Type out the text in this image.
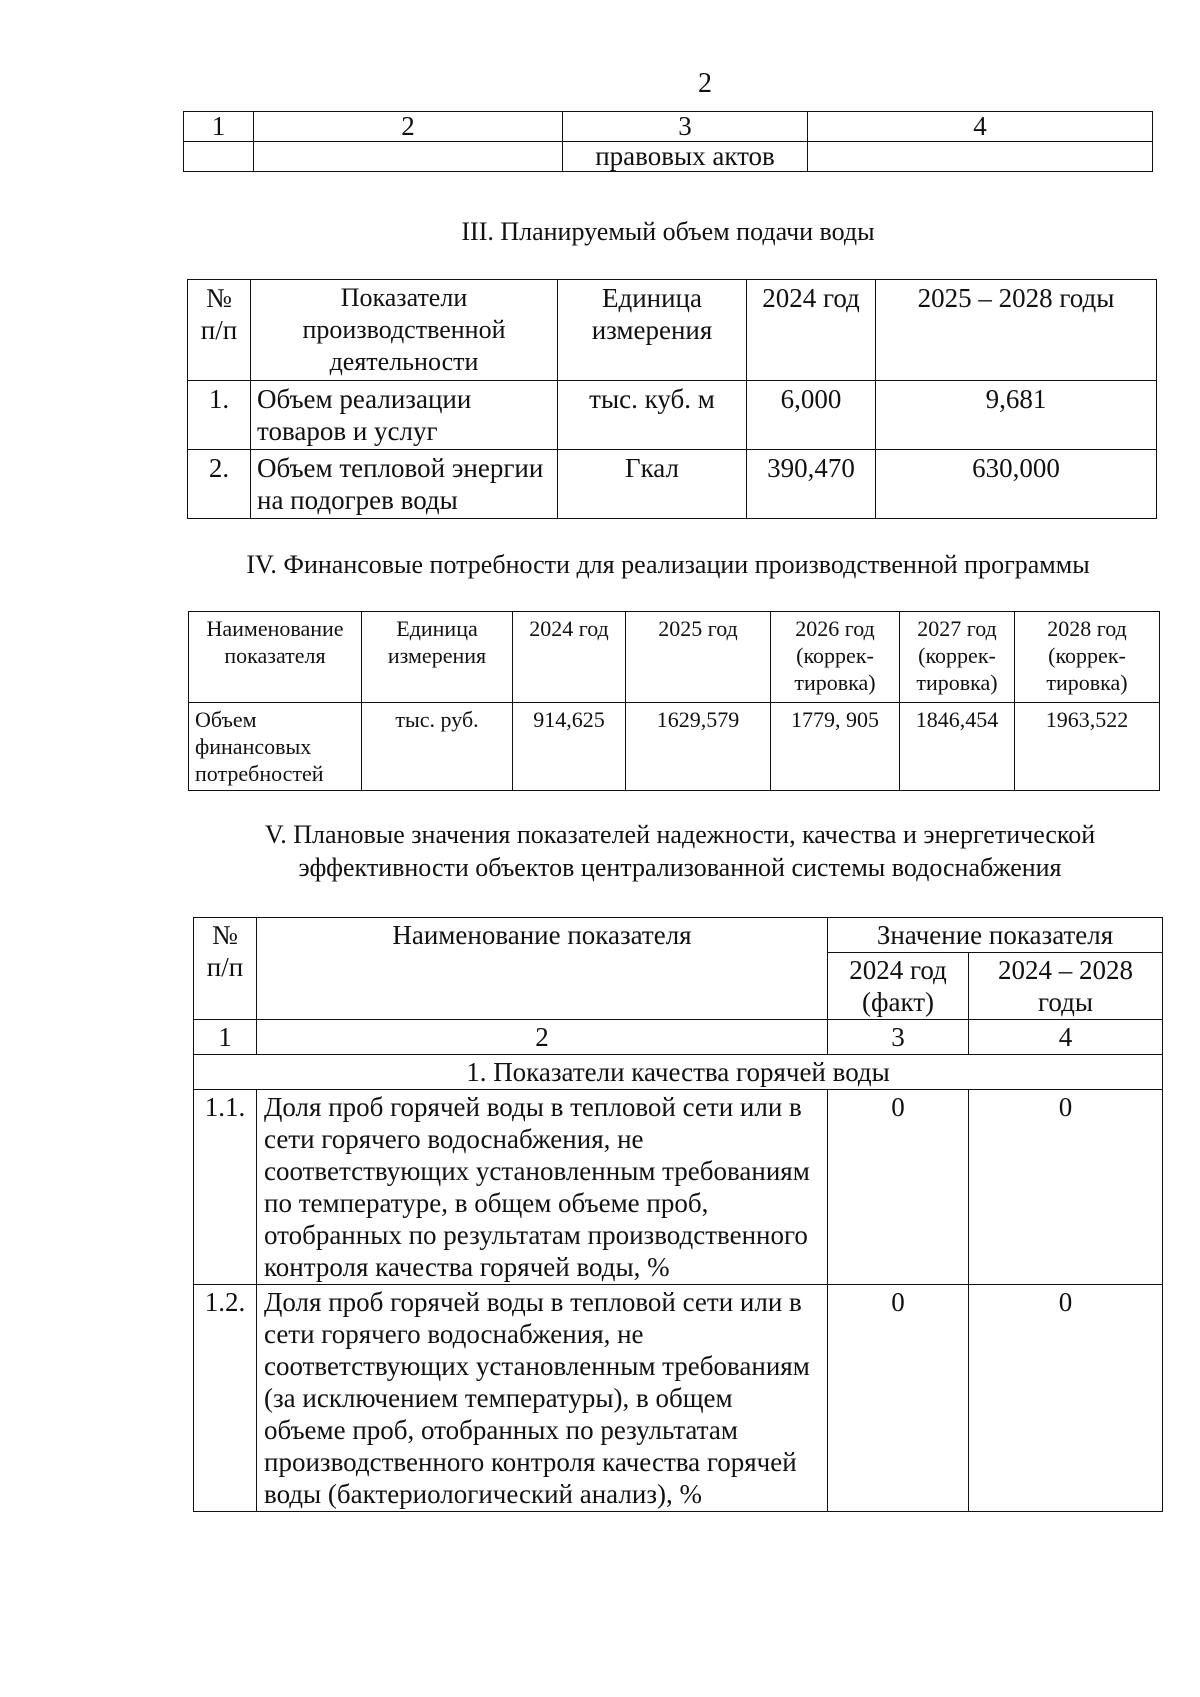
2
1	2	3	4
		правовых актов	
III. Планируемый объем подачи воды
№ п/п	Показатели производственной деятельности	Единица измерения	2024 год	2025 – 2028 годы
1.	Объем реализации товаров и услуг	тыс. куб. м	6,000	9,681
2.	Объем тепловой энергии на подогрев воды	Гкал	390,470	630,000
IV. Финансовые потребности для реализации производственной программы
Наименование показателя	Единица измерения	2024 год	2025 год	2026 год (коррек-тировка)	2027 год (коррек-тировка)	2028 год (коррек-тировка)
Объем финансовых потребностей	тыс. руб.	914,625	1629,579	1779, 905	1846,454	1963,522
V. Плановые значения показателей надежности, качества и энергетической эффективности объектов централизованной системы водоснабжения
№ п/п	Наименование показателя	Значение показателя	
		2024 год (факт)	2024 – 2028 годы
1	2	3	4
1. Показатели качества горячей воды			
1.1.	Доля проб горячей воды в тепловой сети или в сети горячего водоснабжения, не соответствующих установленным требованиям по температуре, в общем объеме проб, отобранных по результатам производственного контроля качества горячей воды, %	0	0
1.2.	Доля проб горячей воды в тепловой сети или в сети горячего водоснабжения, не соответствующих установленным требованиям (за исключением температуры), в общем объеме проб, отобранных по результатам производственного контроля качества горячей воды (бактериологический анализ), %	0	0
